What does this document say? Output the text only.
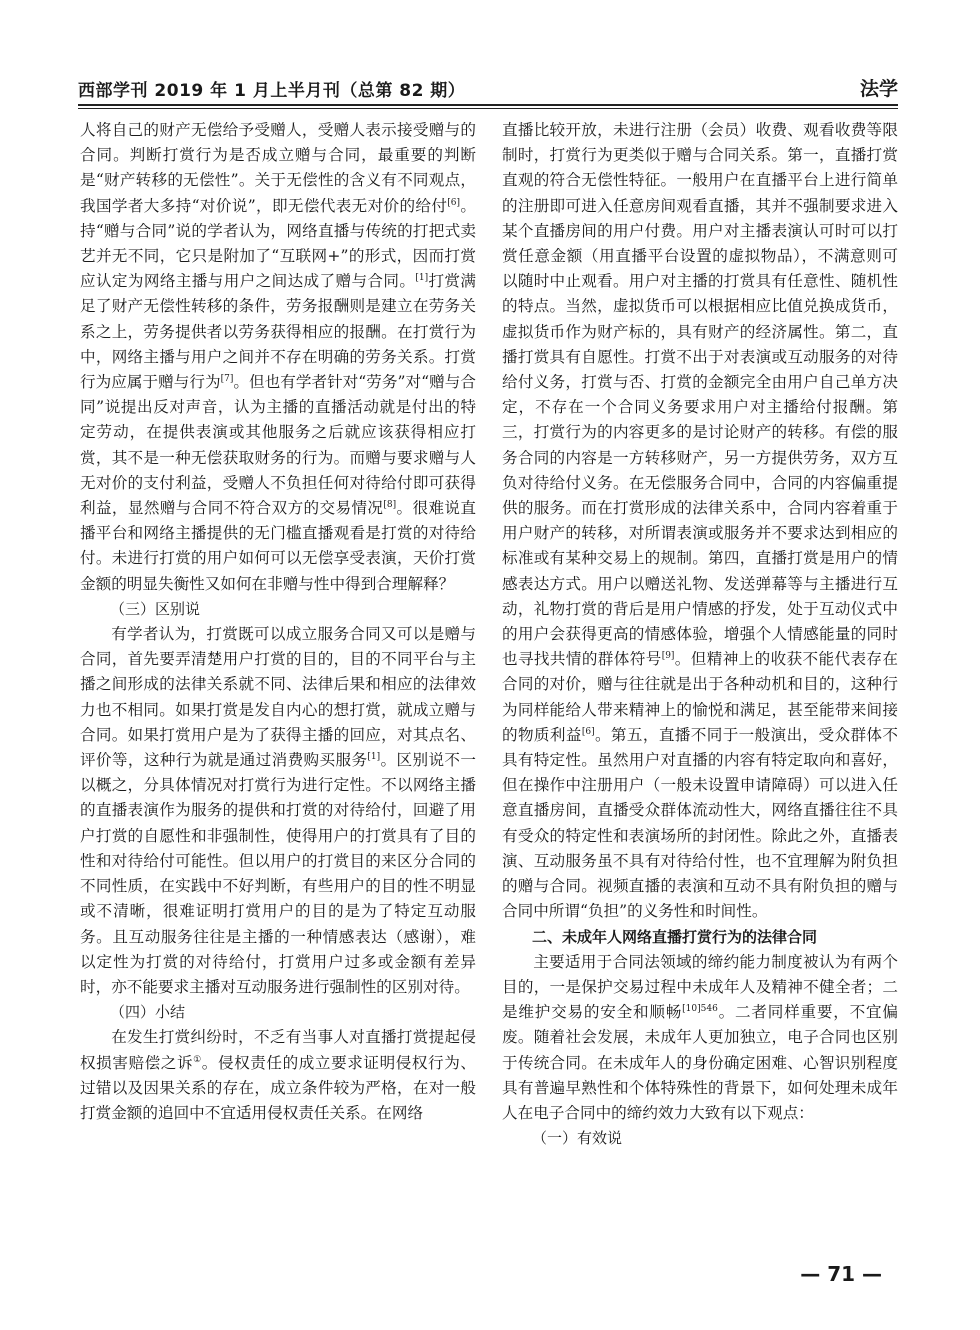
西部学刊 2019 年 1 月上半月刊（总第 82 期）	法学

人将自己的财产无偿给予受赠人，受赠人表示接受赠与的合同。判断打赏行为是否成立赠与合同，最重要的判断是“财产转移的无偿性”。关于无偿性的含义有不同观点，我国学者大多持“对价说”，即无偿代表无对价的给付[6]。持“赠与合同”说的学者认为，网络直播与传统的打把式卖艺并无不同，它只是附加了“互联网+”的形式，因而打赏应认定为网络主播与用户之间达成了赠与合同。[1]打赏满足了财产无偿性转移的条件，劳务报酬则是建立在劳务关系之上，劳务提供者以劳务获得相应的报酬。在打赏行为中，网络主播与用户之间并不存在明确的劳务关系。打赏行为应属于赠与行为[7]。但也有学者针对“劳务”对“赠与合同”说提出反对声音，认为主播的直播活动就是付出的特定劳动，在提供表演或其他服务之后就应该获得相应打赏，其不是一种无偿获取财务的行为。而赠与要求赠与人无对价的支付利益，受赠人不负担任何对待给付即可获得利益，显然赠与合同不符合双方的交易情况[8]。很难说直播平台和网络主播提供的无门槛直播观看是打赏的对待给付。未进行打赏的用户如何可以无偿享受表演，天价打赏金额的明显失衡性又如何在非赠与性中得到合理解释？

（三）区别说

有学者认为，打赏既可以成立服务合同又可以是赠与合同，首先要弄清楚用户打赏的目的，目的不同平台与主播之间形成的法律关系就不同、法律后果和相应的法律效力也不相同。如果打赏是发自内心的想打赏，就成立赠与合同。如果打赏用户是为了获得主播的回应，对其点名、评价等，这种行为就是通过消费购买服务[1]。区别说不一以概之，分具体情况对打赏行为进行定性。不以网络主播的直播表演作为服务的提供和打赏的对待给付，回避了用户打赏的自愿性和非强制性，使得用户的打赏具有了目的性和对待给付可能性。但以用户的打赏目的来区分合同的不同性质，在实践中不好判断，有些用户的目的性不明显或不清晰，很难证明打赏用户的目的是为了特定互动服务。且互动服务往往是主播的一种情感表达（感谢），难以定性为打赏的对待给付，打赏用户过多或金额有差异时，亦不能要求主播对互动服务进行强制性的区别对待。

（四）小结

在发生打赏纠纷时，不乏有当事人对直播打赏提起侵权损害赔偿之诉①。侵权责任的成立要求证明侵权行为、过错以及因果关系的存在，成立条件较为严格，在对一般打赏金额的追回中不宜适用侵权责任关系。在网络

直播比较开放，未进行注册（会员）收费、观看收费等限制时，打赏行为更类似于赠与合同关系。第一，直播打赏直观的符合无偿性特征。一般用户在直播平台上进行简单的注册即可进入任意房间观看直播，其并不强制要求进入某个直播房间的用户付费。用户对主播表演认可时可以打赏任意金额（用直播平台设置的虚拟物品），不满意则可以随时中止观看。用户对主播的打赏具有任意性、随机性的特点。当然，虚拟货币可以根据相应比值兑换成货币，虚拟货币作为财产标的，具有财产的经济属性。第二，直播打赏具有自愿性。打赏不出于对表演或互动服务的对待给付义务，打赏与否、打赏的金额完全由用户自己单方决定，不存在一个合同义务要求用户对主播给付报酬。第三，打赏行为的内容更多的是讨论财产的转移。有偿的服务合同的内容是一方转移财产，另一方提供劳务，双方互负对待给付义务。在无偿服务合同中，合同的内容偏重提供的服务。而在打赏形成的法律关系中，合同内容着重于用户财产的转移，对所谓表演或服务并不要求达到相应的标准或有某种交易上的规制。第四，直播打赏是用户的情感表达方式。用户以赠送礼物、发送弹幕等与主播进行互动，礼物打赏的背后是用户情感的抒发，处于互动仪式中的用户会获得更高的情感体验，增强个人情感能量的同时也寻找共情的群体符号[9]。但精神上的收获不能代表存在合同的对价，赠与往往就是出于各种动机和目的，这种行为同样能给人带来精神上的愉悦和满足，甚至能带来间接的物质利益[6]。第五，直播不同于一般演出，受众群体不具有特定性。虽然用户对直播的内容有特定取向和喜好，但在操作中注册用户（一般未设置申请障碍）可以进入任意直播房间，直播受众群体流动性大，网络直播往往不具有受众的特定性和表演场所的封闭性。除此之外，直播表演、互动服务虽不具有对待给付性，也不宜理解为附负担的赠与合同。视频直播的表演和互动不具有附负担的赠与合同中所谓“负担”的义务性和时间性。

二、未成年人网络直播打赏行为的法律合同

主要适用于合同法领域的缔约能力制度被认为有两个目的，一是保护交易过程中未成年人及精神不健全者；二是维护交易的安全和顺畅$^{[10]546}$。二者同样重要，不宜偏废。随着社会发展，未成年人更加独立，电子合同也区别于传统合同。在未成年人的身份确定困难、心智识别程度具有普遍早熟性和个体特殊性的背景下，如何处理未成年人在电子合同中的缔约效力大致有以下观点：

（一）有效说

— 71 —
